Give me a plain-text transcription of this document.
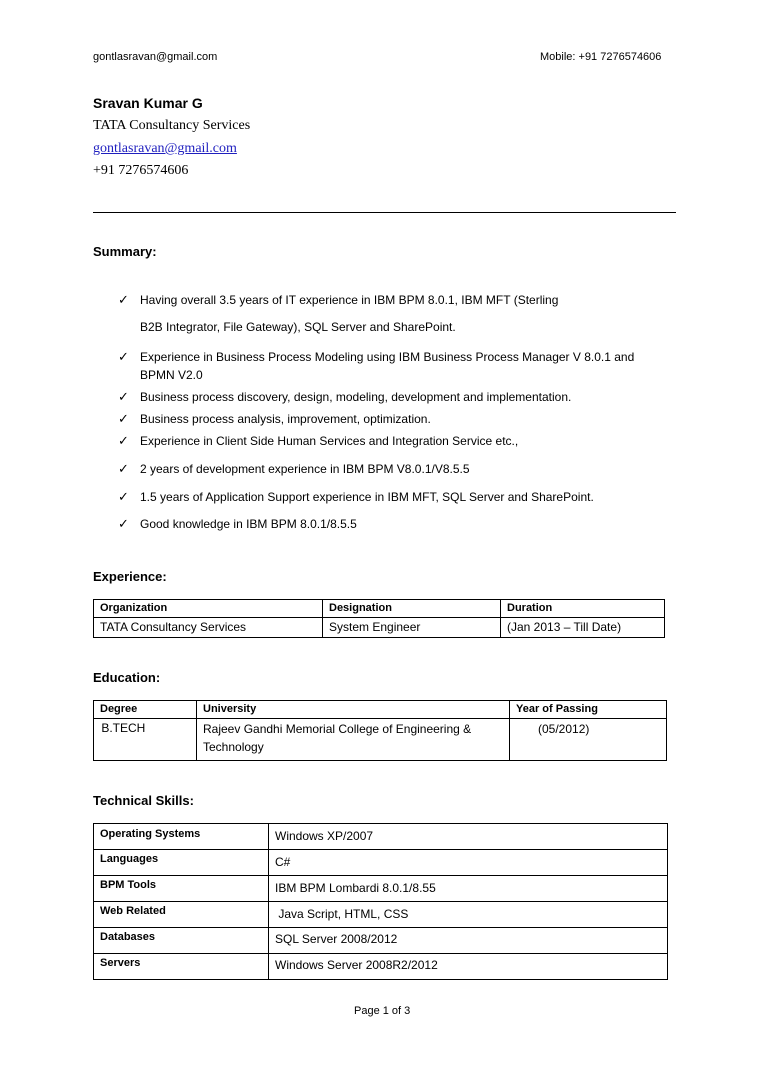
gontlasravan@gmail.com	Mobile: +91 7276574606
Sravan Kumar G
TATA Consultancy Services
gontlasravan@gmail.com
+91 7276574606
Summary:
✓ Having overall 3.5 years of IT experience in IBM BPM 8.0.1, IBM MFT (Sterling
B2B Integrator, File Gateway), SQL Server and SharePoint.
✓ Experience in Business Process Modeling using IBM Business Process Manager V 8.0.1 and
BPMN V2.0
✓ Business process discovery, design, modeling, development and implementation.
✓ Business process analysis, improvement, optimization.
✓ Experience in Client Side Human Services and Integration Service etc.,
✓ 2 years of development experience in IBM BPM V8.0.1/V8.5.5
✓ 1.5 years of Application Support experience in IBM MFT, SQL Server and SharePoint.
✓ Good knowledge in IBM BPM 8.0.1/8.5.5
Experience:
Organization	Designation	Duration
TATA Consultancy Services	System Engineer	(Jan 2013 – Till Date)
Education:
Degree	University	Year of Passing
B.TECH	Rajeev Gandhi Memorial College of Engineering &
Technology	(05/2012)
Technical Skills:
Operating Systems	Windows XP/2007
Languages	C#
BPM Tools	IBM BPM Lombardi 8.0.1/8.55
Web Related	Java Script, HTML, CSS
Databases	SQL Server 2008/2012
Servers	Windows Server 2008R2/2012
Page 1 of 3
